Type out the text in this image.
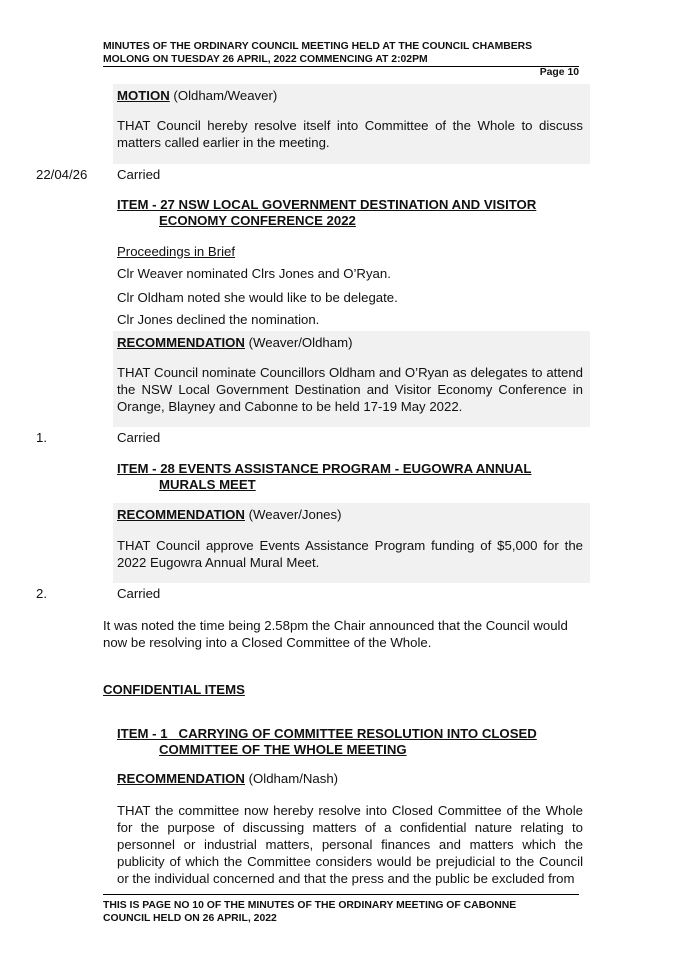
MINUTES OF THE ORDINARY COUNCIL MEETING HELD AT THE COUNCIL CHAMBERS
MOLONG ON TUESDAY 26 APRIL, 2022 COMMENCING AT 2:02PM
Page 10
MOTION (Oldham/Weaver)
THAT Council hereby resolve itself into Committee of the Whole to discuss matters called earlier in the meeting.
22/04/26 Carried
ITEM - 27 NSW LOCAL GOVERNMENT DESTINATION AND VISITOR
ECONOMY CONFERENCE 2022
Proceedings in Brief
Clr Weaver nominated Clrs Jones and O’Ryan.
Clr Oldham noted she would like to be delegate.
Clr Jones declined the nomination.
RECOMMENDATION (Weaver/Oldham)
THAT Council nominate Councillors Oldham and O’Ryan as delegates to attend the NSW Local Government Destination and Visitor Economy Conference in Orange, Blayney and Cabonne to be held 17-19 May 2022.
1.	Carried
ITEM - 28 EVENTS ASSISTANCE PROGRAM - EUGOWRA ANNUAL
MURALS MEET
RECOMMENDATION (Weaver/Jones)
THAT Council approve Events Assistance Program funding of $5,000 for the 2022 Eugowra Annual Mural Meet.
2.	Carried
It was noted the time being 2.58pm the Chair announced that the Council would now be resolving into a Closed Committee of the Whole.
CONFIDENTIAL ITEMS
ITEM - 1   CARRYING OF COMMITTEE RESOLUTION INTO CLOSED
COMMITTEE OF THE WHOLE MEETING
RECOMMENDATION (Oldham/Nash)
THAT the committee now hereby resolve into Closed Committee of the Whole for the purpose of discussing matters of a confidential nature relating to personnel or industrial matters, personal finances and matters which the publicity of which the Committee considers would be prejudicial to the Council or the individual concerned and that the press and the public be excluded from
THIS IS PAGE NO 10 OF THE MINUTES OF THE ORDINARY MEETING OF CABONNE
COUNCIL HELD ON 26 APRIL, 2022
